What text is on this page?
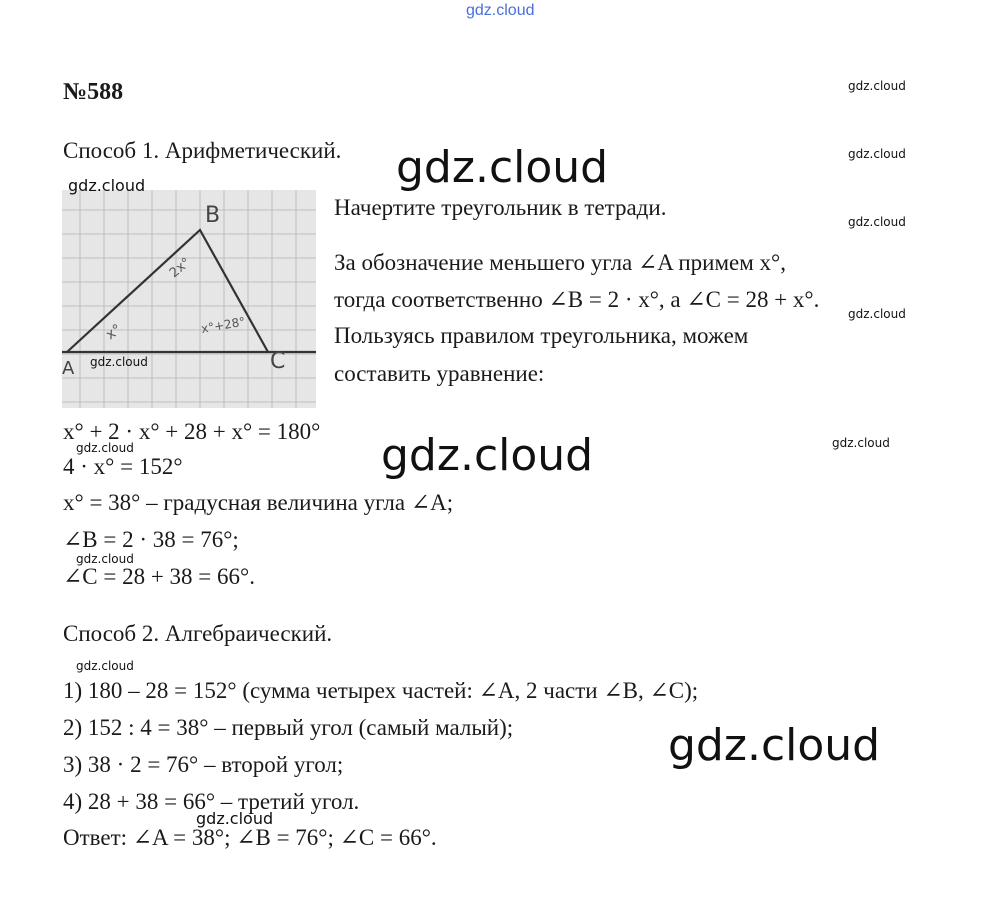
gdz.cloud
№588
Способ 1. Арифметический.
A
B
C
x°
2x°
x°+28°
Начертите треугольник в тетради.
За обозначение меньшего угла ∠A примем x°,
тогда соответственно ∠B = 2 · x°, а ∠C = 28 + x°.
Пользуясь правилом треугольника, можем
составить уравнение:
x° + 2 · x° + 28 + x° = 180°
4 · x° = 152°
x° = 38° – градусная величина угла ∠A;
∠B = 2 · 38 = 76°;
∠C = 28 + 38 = 66°.
Способ 2. Алгебраический.
1) 180 – 28 = 152° (сумма четырех частей: ∠A, 2 части ∠B, ∠C);
2) 152 : 4 = 38° – первый угол (самый малый);
3) 38 · 2 = 76° – второй угол;
4) 28 + 38 = 66° – третий угол.
Ответ: ∠A = 38°; ∠B = 76°; ∠C = 66°.
gdz.cloud
gdz.cloud
gdz.cloud
gdz.cloud
gdz.cloud
gdz.cloud
gdz.cloud
gdz.cloud
gdz.cloud
gdz.cloud
gdz.cloud
gdz.cloud
gdz.cloud
gdz.cloud
